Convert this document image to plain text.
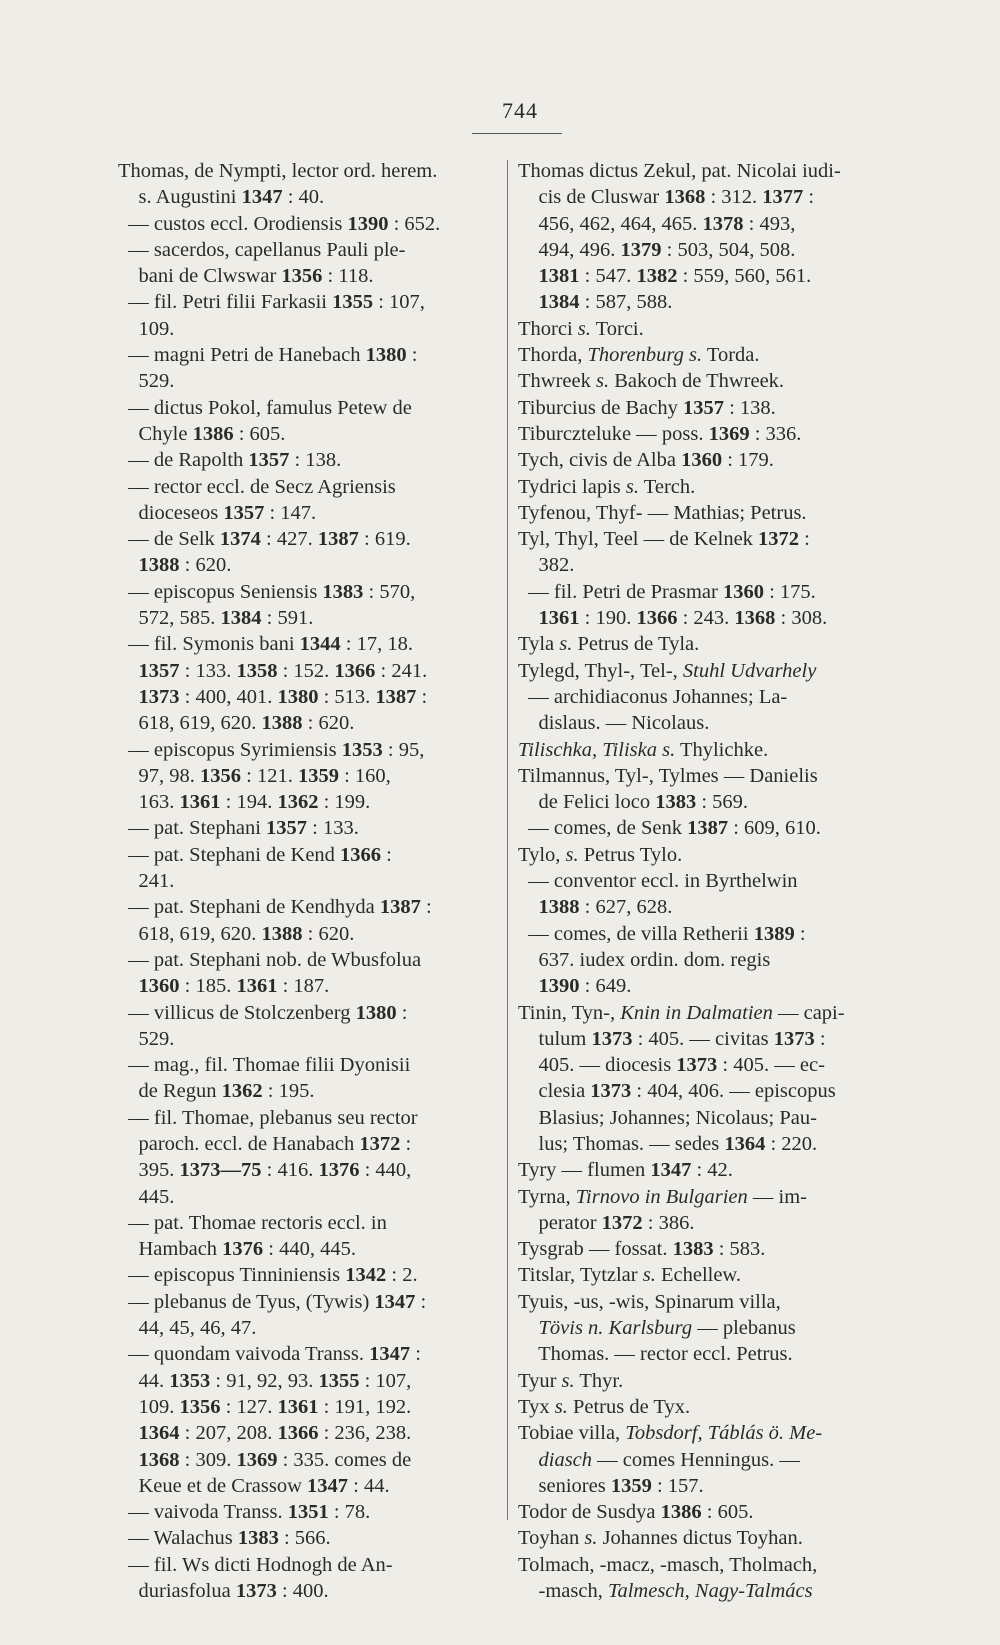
744
Thomas, de Nympti, lector ord. herem.
s. Augustini 1347 : 40.
— custos eccl. Orodiensis 1390 : 652.
— sacerdos, capellanus Pauli ple-
bani de Clwswar 1356 : 118.
— fil. Petri filii Farkasii 1355 : 107,
109.
— magni Petri de Hanebach 1380 :
529.
— dictus Pokol, famulus Petew de
Chyle 1386 : 605.
— de Rapolth 1357 : 138.
— rector eccl. de Secz Agriensis
dioceseos 1357 : 147.
— de Selk 1374 : 427. 1387 : 619.
1388 : 620.
— episcopus Seniensis 1383 : 570,
572, 585. 1384 : 591.
— fil. Symonis bani 1344 : 17, 18.
1357 : 133. 1358 : 152. 1366 : 241.
1373 : 400, 401. 1380 : 513. 1387 :
618, 619, 620. 1388 : 620.
— episcopus Syrimiensis 1353 : 95,
97, 98. 1356 : 121. 1359 : 160,
163. 1361 : 194. 1362 : 199.
— pat. Stephani 1357 : 133.
— pat. Stephani de Kend 1366 :
241.
— pat. Stephani de Kendhyda 1387 :
618, 619, 620. 1388 : 620.
— pat. Stephani nob. de Wbusfolua
1360 : 185. 1361 : 187.
— villicus de Stolczenberg 1380 :
529.
— mag., fil. Thomae filii Dyonisii
de Regun 1362 : 195.
— fil. Thomae, plebanus seu rector
paroch. eccl. de Hanabach 1372 :
395. 1373—75 : 416. 1376 : 440,
445.
— pat. Thomae rectoris eccl. in
Hambach 1376 : 440, 445.
— episcopus Tinniniensis 1342 : 2.
— plebanus de Tyus, (Tywis) 1347 :
44, 45, 46, 47.
— quondam vaivoda Transs. 1347 :
44. 1353 : 91, 92, 93. 1355 : 107,
109. 1356 : 127. 1361 : 191, 192.
1364 : 207, 208. 1366 : 236, 238.
1368 : 309. 1369 : 335. comes de
Keue et de Crassow 1347 : 44.
— vaivoda Transs. 1351 : 78.
— Walachus 1383 : 566.
— fil. Ws dicti Hodnogh de An-
duriasfolua 1373 : 400.
Thomas dictus Zekul, pat. Nicolai iudi-
cis de Cluswar 1368 : 312. 1377 :
456, 462, 464, 465. 1378 : 493,
494, 496. 1379 : 503, 504, 508.
1381 : 547. 1382 : 559, 560, 561.
1384 : 587, 588.
Thorci s. Torci.
Thorda, Thorenburg s. Torda.
Thwreek s. Bakoch de Thwreek.
Tiburcius de Bachy 1357 : 138.
Tiburczteluke — poss. 1369 : 336.
Tych, civis de Alba 1360 : 179.
Tydrici lapis s. Terch.
Tyfenou, Thyf- — Mathias; Petrus.
Tyl, Thyl, Teel — de Kelnek 1372 :
382.
— fil. Petri de Prasmar 1360 : 175.
1361 : 190. 1366 : 243. 1368 : 308.
Tyla s. Petrus de Tyla.
Tylegd, Thyl-, Tel-, Stuhl Udvarhely
— archidiaconus Johannes; La-
dislaus. — Nicolaus.
Tilischka, Tiliska s. Thylichke.
Tilmannus, Tyl-, Tylmes — Danielis
de Felici loco 1383 : 569.
— comes, de Senk 1387 : 609, 610.
Tylo, s. Petrus Tylo.
— conventor eccl. in Byrthelwin
1388 : 627, 628.
— comes, de villa Retherii 1389 :
637. iudex ordin. dom. regis
1390 : 649.
Tinin, Tyn-, Knin in Dalmatien — capi-
tulum 1373 : 405. — civitas 1373 :
405. — diocesis 1373 : 405. — ec-
clesia 1373 : 404, 406. — episcopus
Blasius; Johannes; Nicolaus; Pau-
lus; Thomas. — sedes 1364 : 220.
Tyry — flumen 1347 : 42.
Tyrna, Tirnovo in Bulgarien — im-
perator 1372 : 386.
Tysgrab — fossat. 1383 : 583.
Titslar, Tytzlar s. Echellew.
Tyuis, -us, -wis, Spinarum villa,
Tövis n. Karlsburg — plebanus
Thomas. — rector eccl. Petrus.
Tyur s. Thyr.
Tyx s. Petrus de Tyx.
Tobiae villa, Tobsdorf, Táblás ö. Me-
diasch — comes Henningus. —
seniores 1359 : 157.
Todor de Susdya 1386 : 605.
Toyhan s. Johannes dictus Toyhan.
Tolmach, -macz, -masch, Tholmach,
-masch, Talmesch, Nagy-Talmács
